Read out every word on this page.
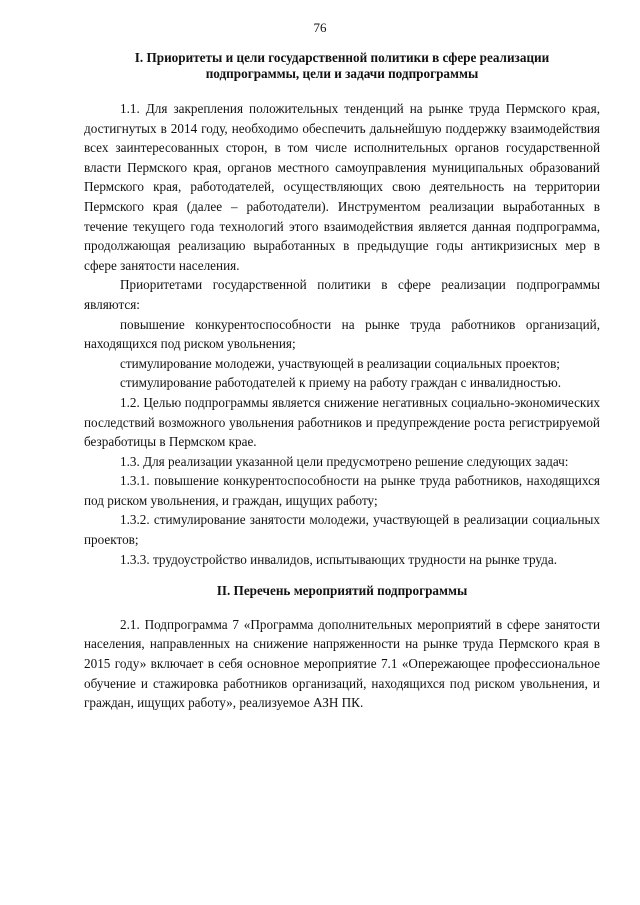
76
I. Приоритеты и цели государственной политики в сфере реализации
подпрограммы, цели и задачи подпрограммы

1.1. Для закрепления положительных тенденций на рынке труда Пермского края, достигнутых в 2014 году, необходимо обеспечить дальнейшую поддержку взаимодействия всех заинтересованных сторон, в том числе исполнительных органов государственной власти Пермского края, органов местного самоуправления муниципальных образований Пермского края, работодателей, осуществляющих свою деятельность на территории Пермского края (далее – работодатели). Инструментом реализации выработанных в течение текущего года технологий этого взаимодействия является данная подпрограмма, продолжающая реализацию выработанных в предыдущие годы антикризисных мер в сфере занятости населения.

Приоритетами государственной политики в сфере реализации подпрограммы являются:

повышение конкурентоспособности на рынке труда работников организаций, находящихся под риском увольнения;

стимулирование молодежи, участвующей в реализации социальных проектов;

стимулирование работодателей к приему на работу граждан с инвалидностью.

1.2. Целью подпрограммы является снижение негативных социально-экономических последствий возможного увольнения работников и предупреждение роста регистрируемой безработицы в Пермском крае.

1.3. Для реализации указанной цели предусмотрено решение следующих задач:

1.3.1. повышение конкурентоспособности на рынке труда работников, находящихся под риском увольнения, и граждан, ищущих работу;

1.3.2. стимулирование занятости молодежи, участвующей в реализации социальных проектов;

1.3.3. трудоустройство инвалидов, испытывающих трудности на рынке труда.

II. Перечень мероприятий подпрограммы

2.1. Подпрограмма 7 «Программа дополнительных мероприятий в сфере занятости населения, направленных на снижение напряженности на рынке труда Пермского края в 2015 году» включает в себя основное мероприятие 7.1 «Опережающее профессиональное обучение и стажировка работников организаций, находящихся под риском увольнения, и граждан, ищущих работу», реализуемое АЗН ПК.
